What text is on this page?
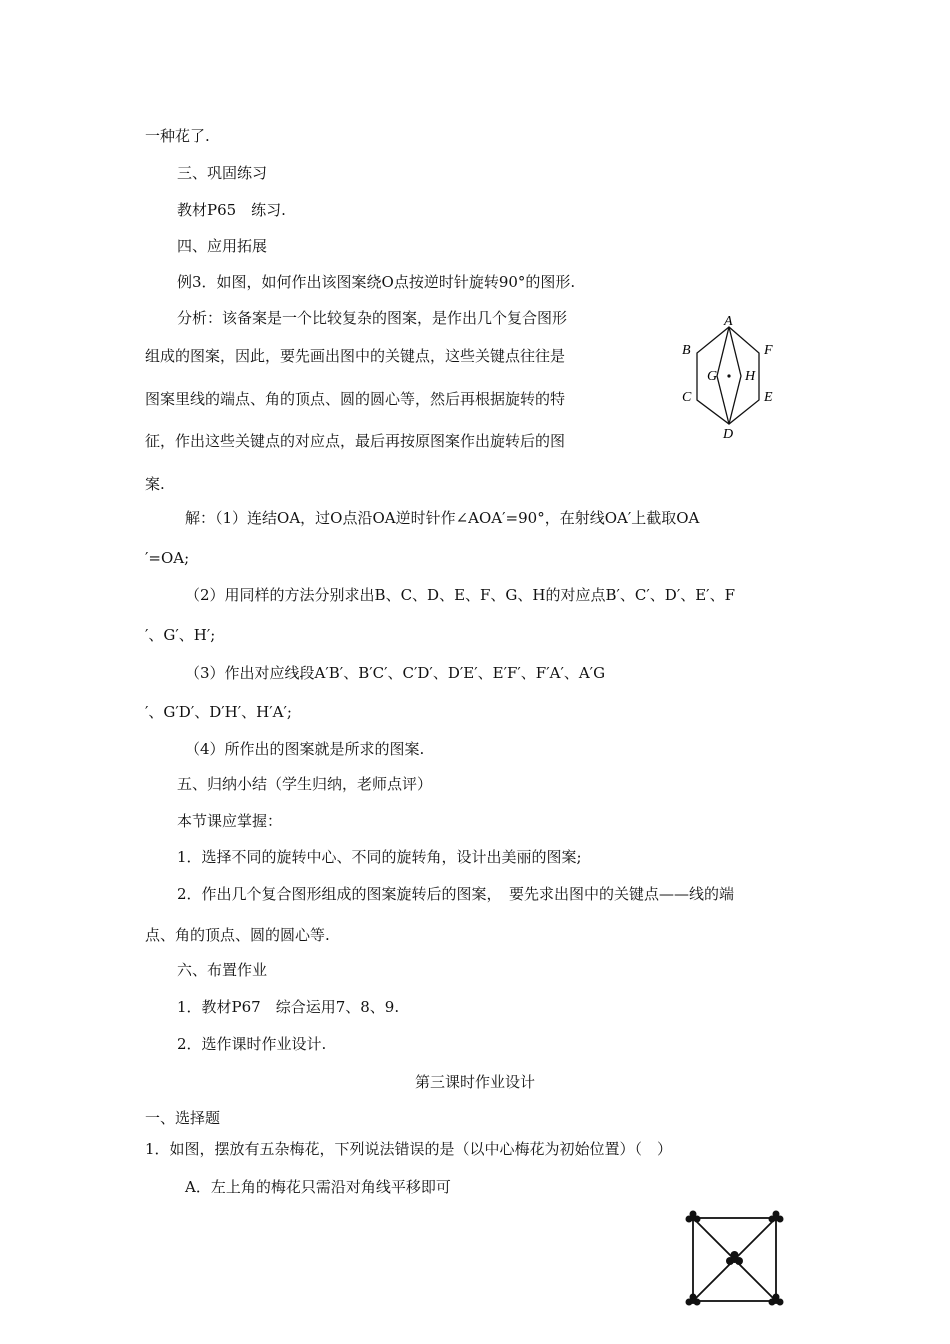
一种花了.
三、巩固练习
教材P65　练习.
四、应用拓展
例3．如图，如何作出该图案绕O点按逆时针旋转90°的图形.
分析：该备案是一个比较复杂的图案，是作出几个复合图形
组成的图案，因此，要先画出图中的关键点，这些关键点往往是
图案里线的端点、角的顶点、圆的圆心等，然后再根据旋转的特
征，作出这些关键点的对应点，最后再按原图案作出旋转后的图
案.
A
B	F
G H
C	E
D
解：（1）连结OA，过O点沿OA逆时针作∠AOA′=90°，在射线OA′上截取OA
′=OA;
（2）用同样的方法分别求出B、C、D、E、F、G、H的对应点B′、C′、D′、E′、F
′、G′、H′;
（3）作出对应线段A′B′、B′C′、C′D′、D′E′、E′F′、F′A′、A′G
′、G′D′、D′H′、H′A′;
（4）所作出的图案就是所求的图案.
五、归纳小结（学生归纳，老师点评）
本节课应掌握：
1．选择不同的旋转中心、不同的旋转角，设计出美丽的图案;
2．作出几个复合图形组成的图案旋转后的图案，　要先求出图中的关键点——线的端
点、角的顶点、圆的圆心等.
六、布置作业
1．教材P67　综合运用7、8、9.
2．选作课时作业设计.
第三课时作业设计
一、选择题
1．如图，摆放有五杂梅花，下列说法错误的是（以中心梅花为初始位置）（　）
A．左上角的梅花只需沿对角线平移即可
